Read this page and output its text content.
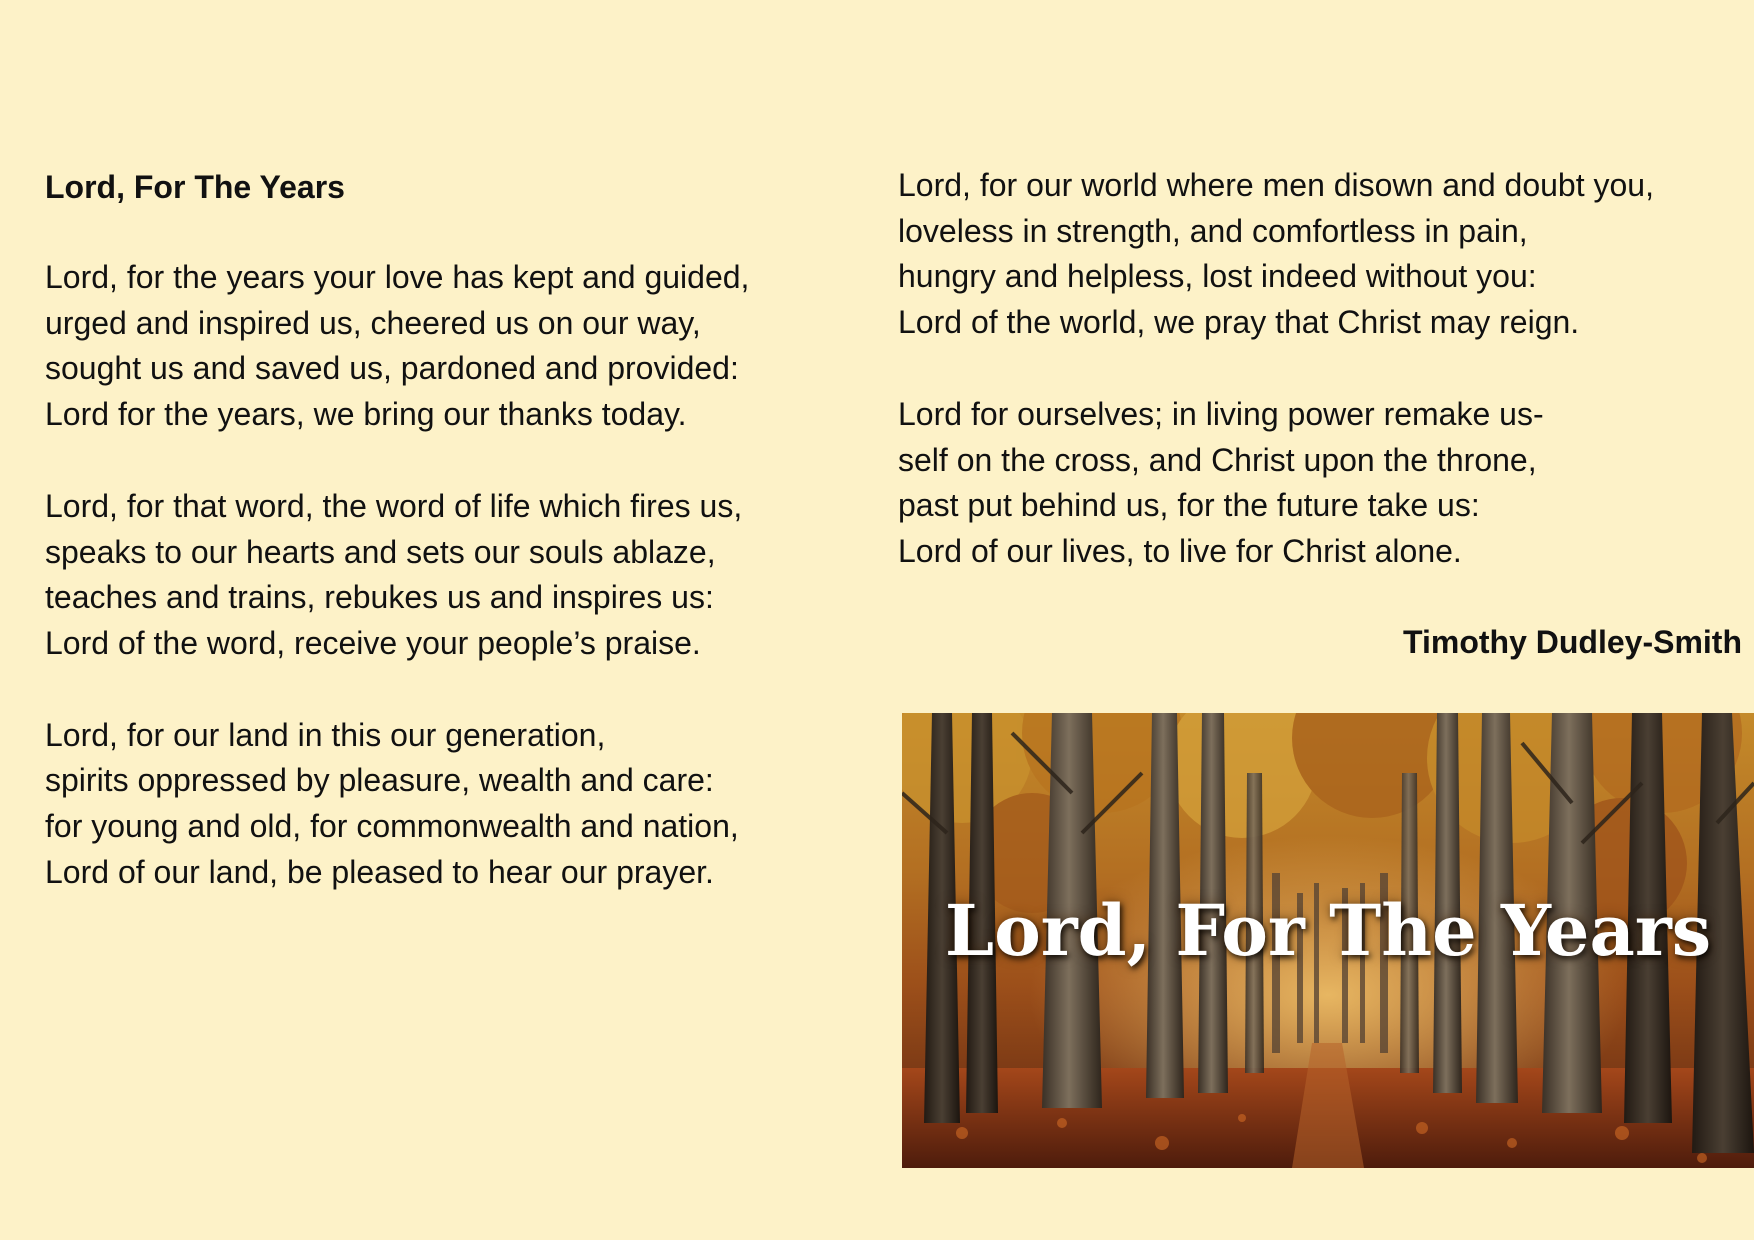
Lord, For The Years
Lord, for the years your love has kept and guided,
urged and inspired us, cheered us on our way,
sought us and saved us, pardoned and provided:
Lord for the years, we bring our thanks today.
Lord, for that word, the word of life which fires us,
speaks to our hearts and sets our souls ablaze,
teaches and trains, rebukes us and inspires us:
Lord of the word, receive your people’s praise.
Lord, for our land in this our generation,
spirits oppressed by pleasure, wealth and care:
for young and old, for commonwealth and nation,
Lord of our land, be pleased to hear our prayer.
Lord, for our world where men disown and doubt you,
loveless in strength, and comfortless in pain,
hungry and helpless, lost indeed without you:
Lord of the world, we pray that Christ may reign.
Lord for ourselves; in living power remake us-
self on the cross, and Christ upon the throne,
past put behind us, for the future take us:
Lord of our lives, to live for Christ alone.
Timothy Dudley-Smith
Lord, For The Years
